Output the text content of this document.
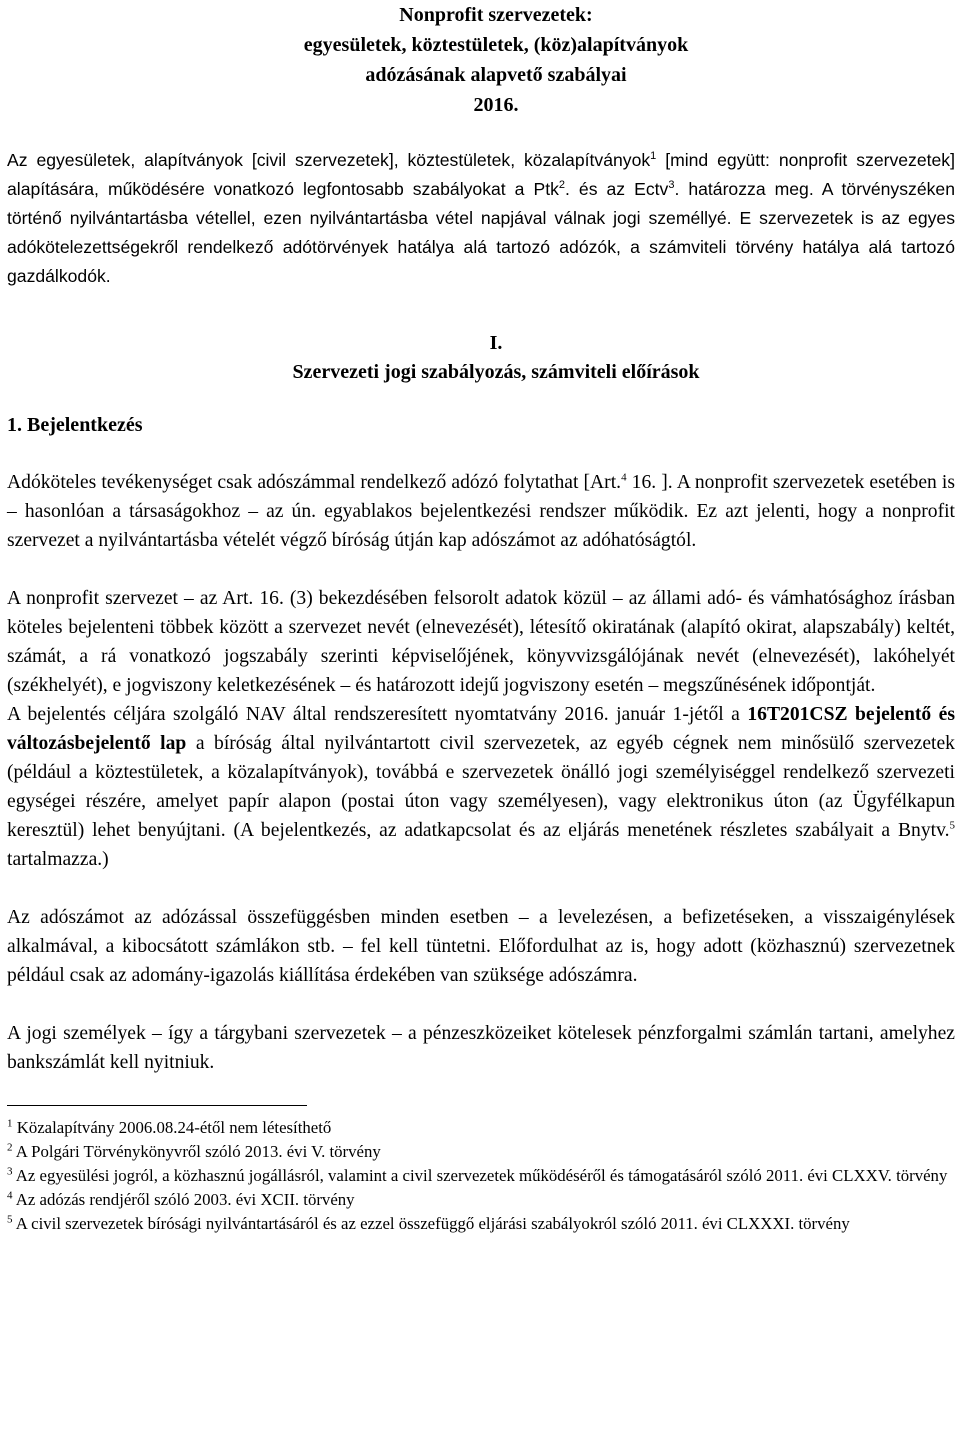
Nonprofit szervezetek:
egyesületek, köztestületek, (köz)alapítványok
adózásának alapvető szabályai
2016.

Az egyesületek, alapítványok [civil szervezetek], köztestületek, közalapítványok$^1$ [mind együtt: nonprofit szervezetek] alapítására, működésére vonatkozó legfontosabb szabályokat a Ptk$^2$. és az Ectv$^3$. határozza meg. A törvényszéken történő nyilvántartásba vétellel, ezen nyilvántartásba vétel napjával válnak jogi személlyé. E szervezetek is az egyes adókötelezettségekről rendelkező adótörvények hatálya alá tartozó adózók, a számviteli törvény hatálya alá tartozó gazdálkodók.

I.
Szervezeti jogi szabályozás, számviteli előírások
1. Bejelentkezés

Adóköteles tevékenységet csak adószámmal rendelkező adózó folytathat [Art.$^4$ 16. ]. A nonprofit szervezetek esetében is – hasonlóan a társaságokhoz – az ún. egyablakos bejelentkezési rendszer működik. Ez azt jelenti, hogy a nonprofit szervezet a nyilvántartásba vételét végző bíróság útján kap adószámot az adóhatóságtól.

A nonprofit szervezet – az Art. 16. (3) bekezdésében felsorolt adatok közül – az állami adó- és vámhatósághoz írásban köteles bejelenteni többek között a szervezet nevét (elnevezését), létesítő okiratának (alapító okirat, alapszabály) keltét, számát, a rá vonatkozó jogszabály szerinti képviselőjének, könyvvizsgálójának nevét (elnevezését), lakóhelyét (székhelyét), e jogviszony keletkezésének – és határozott idejű jogviszony esetén – megszűnésének időpontját.

A bejelentés céljára szolgáló NAV által rendszeresített nyomtatvány 2016. január 1-jétől a 16T201CSZ bejelentő és változásbejelentő lap a bíróság által nyilvántartott civil szervezetek, az egyéb cégnek nem minősülő szervezetek (például a köztestületek, a közalapítványok), továbbá e szervezetek önálló jogi személyiséggel rendelkező szervezeti egységei részére, amelyet papír alapon (postai úton vagy személyesen), vagy elektronikus úton (az Ügyfélkapun keresztül) lehet benyújtani. (A bejelentkezés, az adatkapcsolat és az eljárás menetének részletes szabályait a Bnytv.$^5$ tartalmazza.)

Az adószámot az adózással összefüggésben minden esetben – a levelezésen, a befizetéseken, a visszaigénylések alkalmával, a kibocsátott számlákon stb. – fel kell tüntetni. Előfordulhat az is, hogy adott (közhasznú) szervezetnek például csak az adomány-igazolás kiállítása érdekében van szüksége adószámra.

A jogi személyek – így a tárgybani szervezetek – a pénzeszközeiket kötelesek pénzforgalmi számlán tartani, amelyhez bankszámlát kell nyitniuk.

$^1$ Közalapítvány 2006.08.24-étől nem létesíthető
$^2$ A Polgári Törvénykönyvről szóló 2013. évi V. törvény
$^3$ Az egyesülési jogról, a közhasznú jogállásról, valamint a civil szervezetek működéséről és támogatásáról szóló 2011. évi CLXXV. törvény
$^4$ Az adózás rendjéről szóló 2003. évi XCII. törvény
$^5$ A civil szervezetek bírósági nyilvántartásáról és az ezzel összefüggő eljárási szabályokról szóló 2011. évi CLXXXI. törvény
